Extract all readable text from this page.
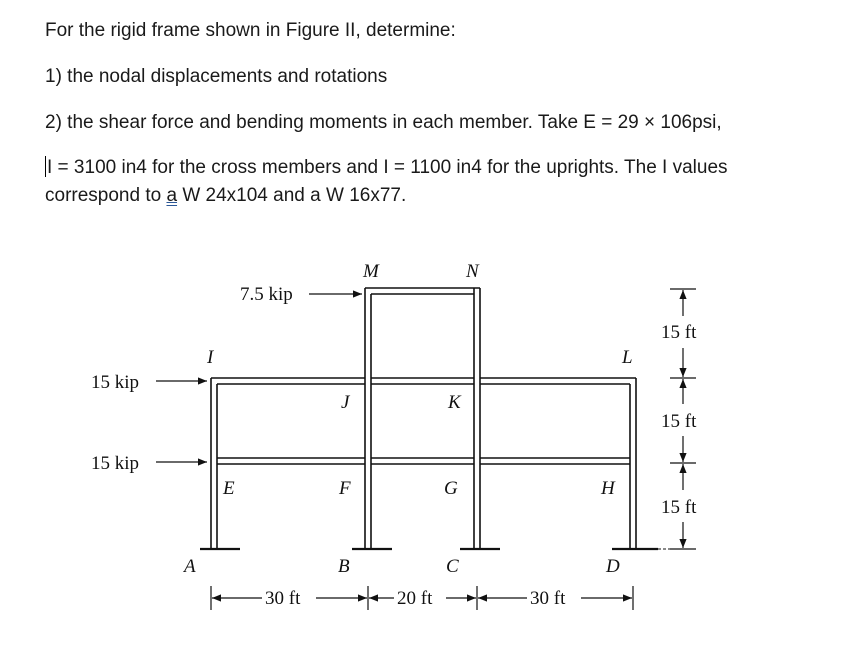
For the rigid frame shown in Figure II, determine:
1) the nodal displacements and rotations
2) the shear force and bending moments in each member. Take E = 29 × 106psi,
I = 3100 in4 for the cross members and I = 1100 in4 for the uprights. The I values
correspond to a W 24x104 and a W 16x77.
7.5 kip
15 kip
15 kip
M	N
I	L
J	K
E	F	G	H
A	B	C	D
30 ft	20 ft	30 ft
15 ft
15 ft
15 ft
